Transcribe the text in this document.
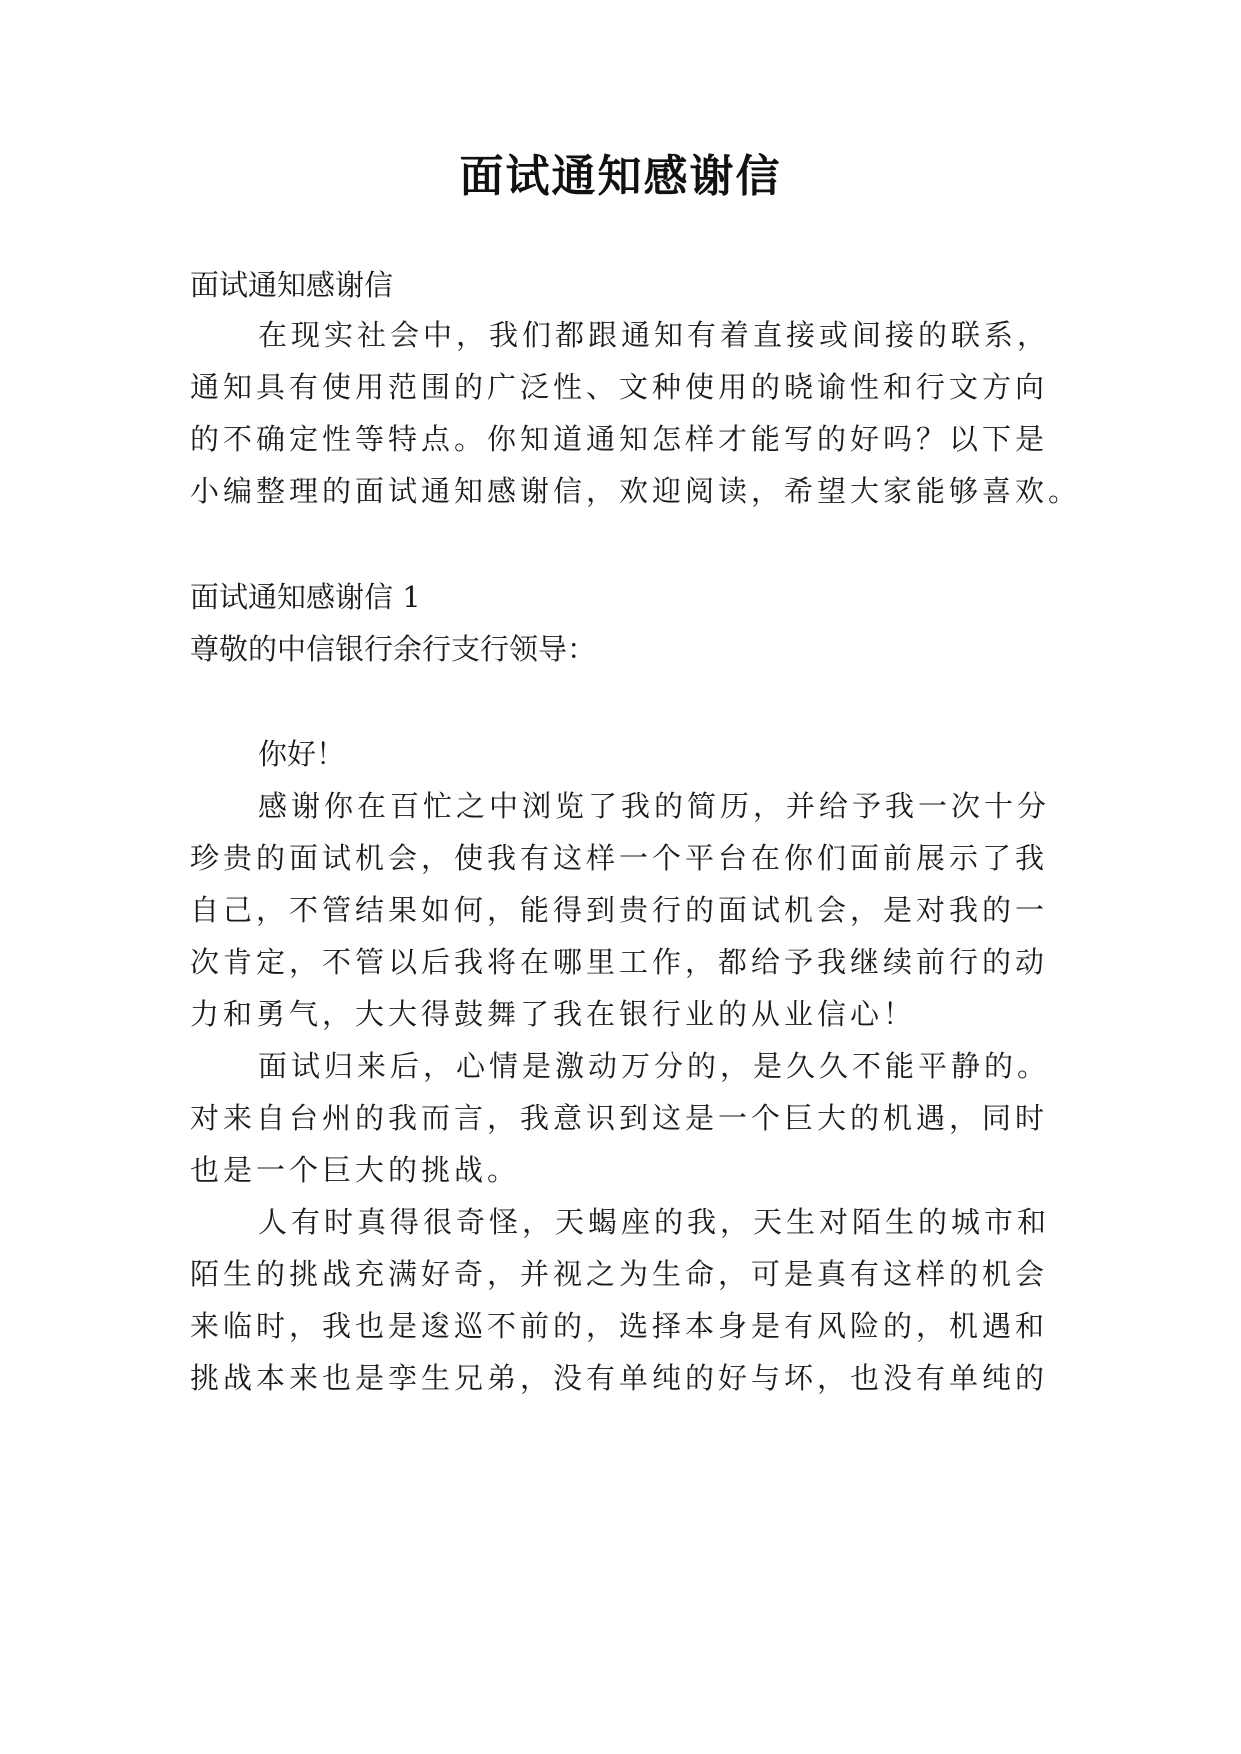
面试通知感谢信
面试通知感谢信
在现实社会中，我们都跟通知有着直接或间接的联系，
通知具有使用范围的广泛性、文种使用的晓谕性和行文方向
的不确定性等特点。你知道通知怎样才能写的好吗？以下是
小编整理的面试通知感谢信，欢迎阅读，希望大家能够喜欢。
面试通知感谢信 1
尊敬的中信银行余行支行领导：
你好！
感谢你在百忙之中浏览了我的简历，并给予我一次十分
珍贵的面试机会，使我有这样一个平台在你们面前展示了我
自己，不管结果如何，能得到贵行的面试机会，是对我的一
次肯定，不管以后我将在哪里工作，都给予我继续前行的动
力和勇气，大大得鼓舞了我在银行业的从业信心！
面试归来后，心情是激动万分的，是久久不能平静的。
对来自台州的我而言，我意识到这是一个巨大的机遇，同时
也是一个巨大的挑战。
人有时真得很奇怪，天蝎座的我，天生对陌生的城市和
陌生的挑战充满好奇，并视之为生命，可是真有这样的机会
来临时，我也是逡巡不前的，选择本身是有风险的，机遇和
挑战本来也是孪生兄弟，没有单纯的好与坏，也没有单纯的
